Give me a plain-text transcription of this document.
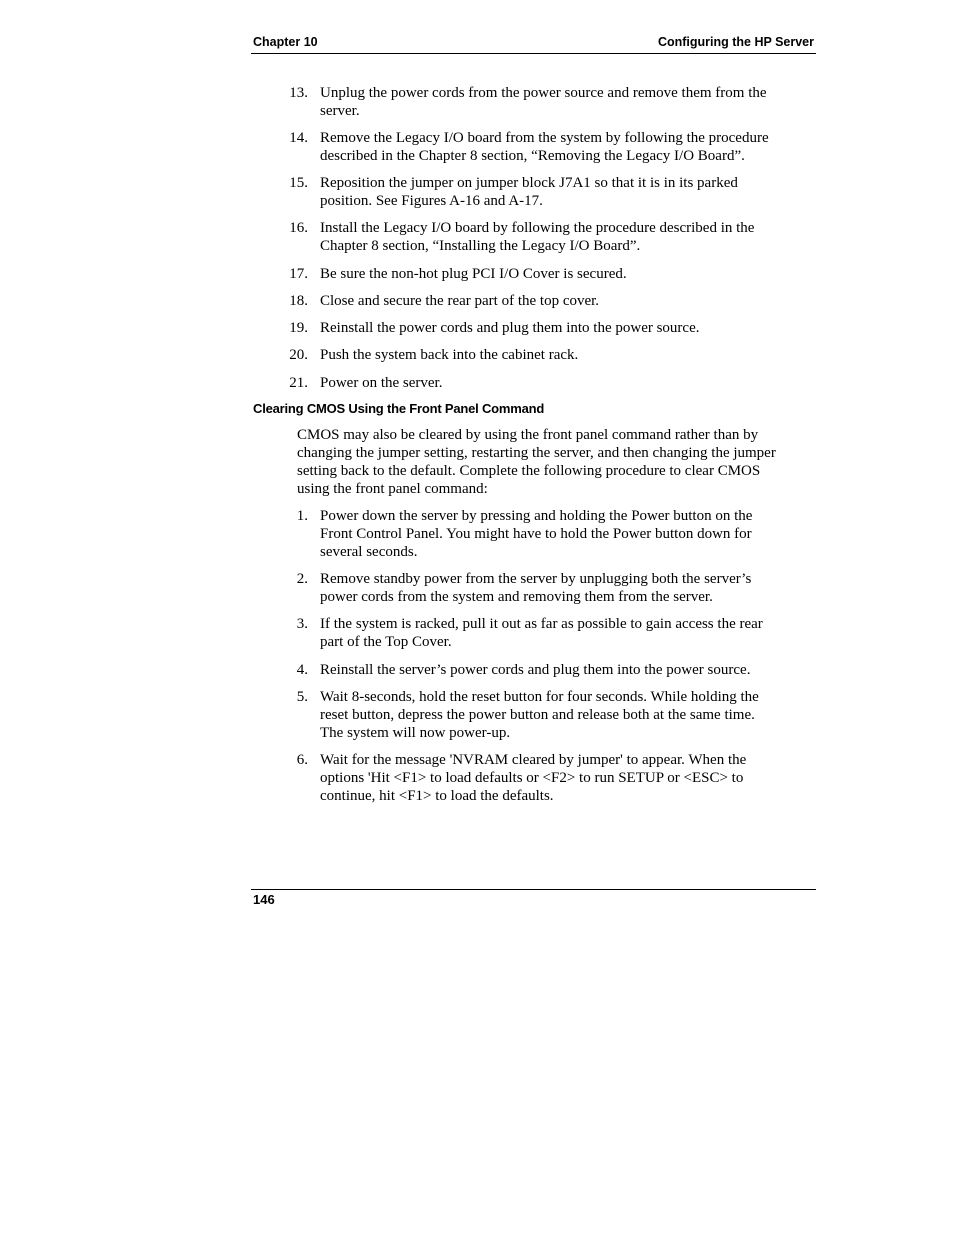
Chapter 10	Configuring the HP Server
13. Unplug the power cords from the power source and remove them from the
server.
14. Remove the Legacy I/O board from the system by following the procedure
described in the Chapter 8 section, “Removing the Legacy I/O Board”.
15. Reposition the jumper on jumper block J7A1 so that it is in its parked
position. See Figures A-16 and A-17.
16. Install the Legacy I/O board by following the procedure described in the
Chapter 8 section, “Installing the Legacy I/O Board”.
17. Be sure the non-hot plug PCI I/O Cover is secured.
18. Close and secure the rear part of the top cover.
19. Reinstall the power cords and plug them into the power source.
20. Push the system back into the cabinet rack.
21. Power on the server.
Clearing CMOS Using the Front Panel Command
CMOS may also be cleared by using the front panel command rather than by
changing the jumper setting, restarting the server, and then changing the jumper
setting back to the default. Complete the following procedure to clear CMOS
using the front panel command:
1. Power down the server by pressing and holding the Power button on the
Front Control Panel. You might have to hold the Power button down for
several seconds.
2. Remove standby power from the server by unplugging both the server’s
power cords from the system and removing them from the server.
3. If the system is racked, pull it out as far as possible to gain access the rear
part of the Top Cover.
4. Reinstall the server’s power cords and plug them into the power source.
5. Wait 8-seconds, hold the reset button for four seconds. While holding the
reset button, depress the power button and release both at the same time.
The system will now power-up.
6. Wait for the message 'NVRAM cleared by jumper' to appear. When the
options 'Hit <F1> to load defaults or <F2> to run SETUP or <ESC> to
continue, hit <F1> to load the defaults.
146
